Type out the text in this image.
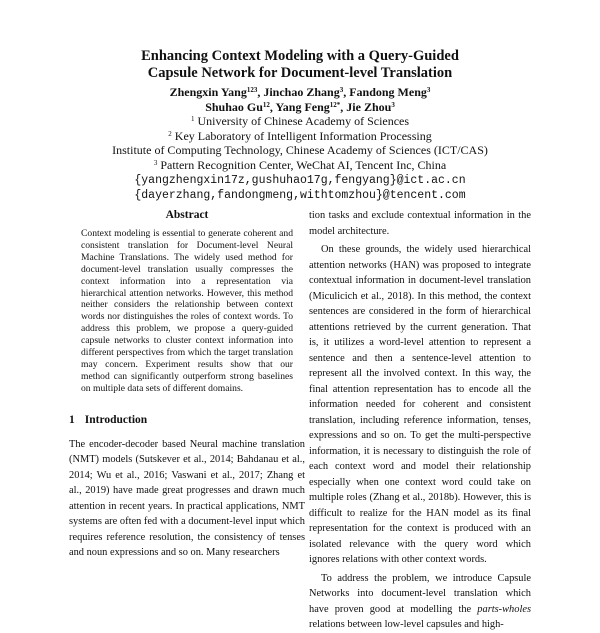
Enhancing Context Modeling with a Query-Guided
Capsule Network for Document-level Translation

Zhengxin Yang$^{123}$, Jinchao Zhang$^3$, Fandong Meng$^3$
Shuhao Gu$^{12}$, Yang Feng$^{12*}$, Jie Zhou$^3$
$^1$ University of Chinese Academy of Sciences
$^2$ Key Laboratory of Intelligent Information Processing
Institute of Computing Technology, Chinese Academy of Sciences (ICT/CAS)
$^3$ Pattern Recognition Center, WeChat AI, Tencent Inc, China
{yangzhengxin17z,gushuhao17g,fengyang}@ict.ac.cn
{dayerzhang,fandongmeng,withtomzhou}@tencent.com

Abstract

Context modeling is essential to generate coherent and consistent translation for Document-level Neural Machine Translations. The widely used method for document-level translation usually compresses the context information into a representation via hierarchical attention networks. However, this method neither considers the relationship between context words nor distinguishes the roles of context words. To address this problem, we propose a query-guided capsule networks to cluster context information into different perspectives from which the target translation may concern. Experiment results show that our method can significantly outperform strong baselines on multiple data sets of different domains.

1 Introduction

The encoder-decoder based Neural machine translation (NMT) models (Sutskever et al., 2014; Bahdanau et al., 2014; Wu et al., 2016; Vaswani et al., 2017; Zhang et al., 2019) have made great progresses and drawn much attention in recent years. In practical applications, NMT systems are often fed with a document-level input which requires reference resolution, the consistency of tenses and noun expressions and so on. Many researchers

tion tasks and exclude contextual information in the model architecture.

On these grounds, the widely used hierarchical attention networks (HAN) was proposed to integrate contextual information in document-level translation (Miculicich et al., 2018). In this method, the context sentences are considered in the form of hierarchical attentions retrieved by the current generation. That is, it utilizes a word-level attention to represent a sentence and then a sentence-level attention to represent all the involved context. In this way, the final attention representation has to encode all the information needed for coherent and consistent translation, including reference information, tenses, expressions and so on. To get the multi-perspective information, it is necessary to distinguish the role of each context word and model their relationship especially when one context word could take on multiple roles (Zhang et al., 2018b). However, this is difficult to realize for the HAN model as its final representation for the context is produced with an isolated relevance with the query word which ignores relations with other context words.

To address the problem, we introduce Capsule Networks into document-level translation which have proven good at modelling the parts-wholes relations between low-level capsules and high-
